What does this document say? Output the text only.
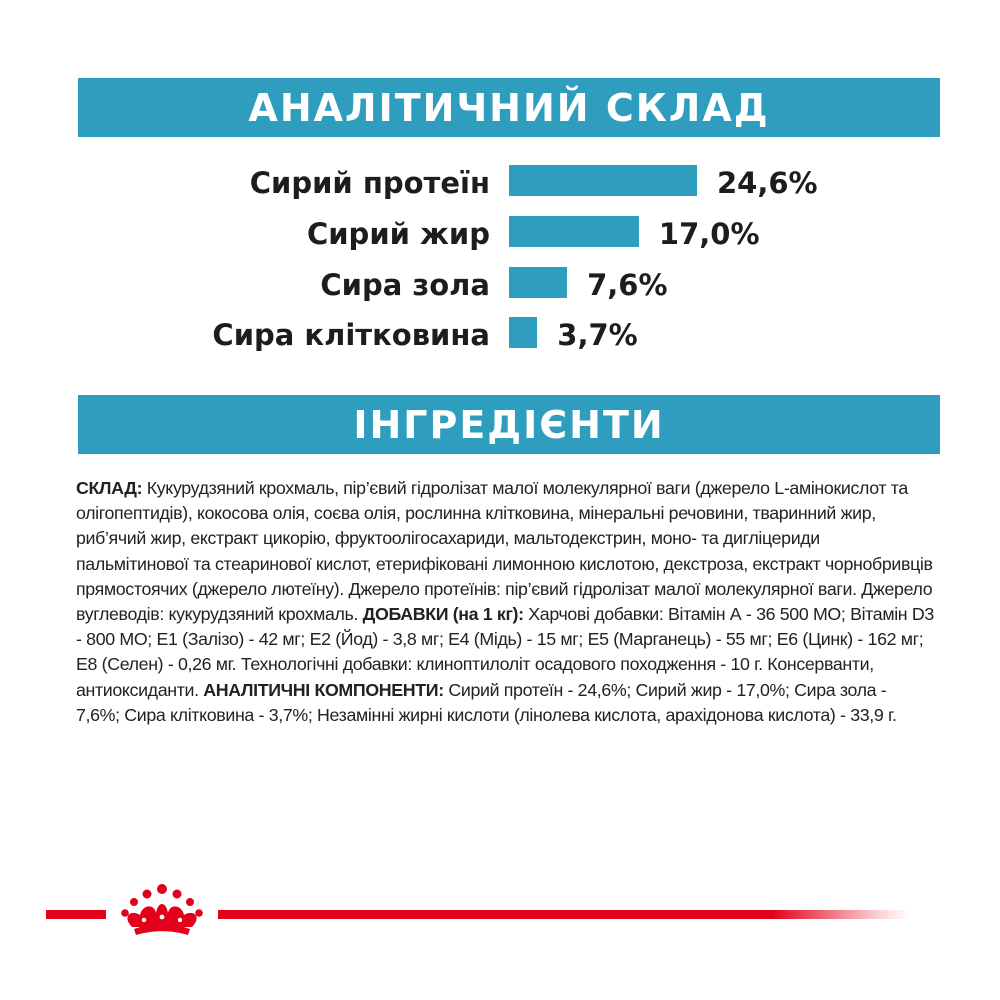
АНАЛІТИЧНИЙ СКЛАД
Сирий протеїн	24,6%
Сирий жир	17,0%
Сира зола	7,6%
Сира клітковина 3,7%
ІНГРЕДІЄНТИ
СКЛАД: Кукурудзяний крохмаль, пір’євий гідролізат малої молекулярної ваги (джерело L-амінокислот та олігопептидів), кокосова олія, соєва олія, рослинна клітковина, мінеральні речовини, тваринний жир, риб’ячий жир, екстракт цикорію, фруктоолігосахариди, мальтодекстрин, моно- та дигліцериди пальмітинової та стеаринової кислот, етерифіковані лимонною кислотою, декстроза, екстракт чорнобривців прямостоячих (джерело лютеїну). Джерело протеїнів: пір’євий гідролізат малої молекулярної ваги. Джерело вуглеводів: кукурудзяний крохмаль. ДОБАВКИ (на 1 кг): Харчові добавки: Вітамін А - 36 500 МО; Вітамін D3 - 800 МО; Е1 (Залізо) - 42 мг; Е2 (Йод) - 3,8 мг; Е4 (Мідь) - 15 мг; Е5 (Марганець) - 55 мг; Е6 (Цинк) - 162 мг; Е8 (Селен) - 0,26 мг. Технологічні добавки: клиноптилоліт осадового походження - 10 г. Консерванти, антиоксиданти. АНАЛІТИЧНІ КОМПОНЕНТИ: Сирий протеїн - 24,6%; Сирий жир - 17,0%; Сира зола - 7,6%; Сира клітковина - 3,7%; Незамінні жирні кислоти (лінолева кислота, арахідонова кислота) - 33,9 г.
